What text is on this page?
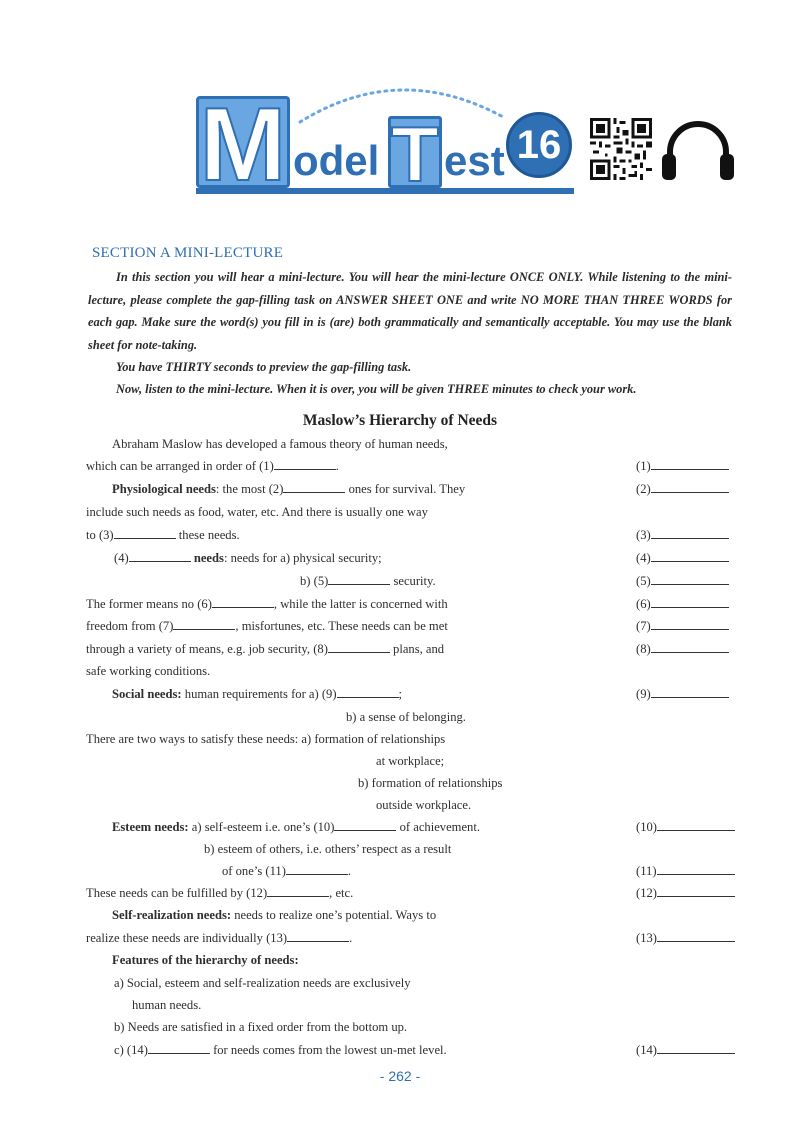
M odel T est 16
SECTION A MINI-LECTURE

In this section you will hear a mini-lecture. You will hear the mini-lecture ONCE ONLY. While listening to the mini-lecture, please complete the gap-filling task on ANSWER SHEET ONE and write NO MORE THAN THREE WORDS for each gap. Make sure the word(s) you fill in is (are) both grammatically and semantically acceptable. You may use the blank sheet for note-taking.

You have THIRTY seconds to preview the gap-filling task.

Now, listen to the mini-lecture. When it is over, you will be given THREE minutes to check your work.

Maslow’s Hierarchy of Needs
Abraham Maslow has developed a famous theory of human needs,
which can be arranged in order of (1)	.
Physiological needs: the most (2)	ones for survival. They
include such needs as food, water, etc. And there is usually one way
to (3)	these needs.
(4)	needs: needs for a) physical security;
b) (5)	security.
The former means no (6)	, while the latter is concerned with
freedom from (7)	, misfortunes, etc. These needs can be met
through a variety of means, e.g. job security, (8)	plans, and
safe working conditions.
Social needs: human requirements for a) (9)	;
b) a sense of belonging.
There are two ways to satisfy these needs: a) formation of relationships
at workplace;
b) formation of relationships
outside workplace.
Esteem needs: a) self-esteem i.e. one’s (10)	of achievement.
b) esteem of others, i.e. others’ respect as a result
of one’s (11)	.
These needs can be fulfilled by (12)	, etc.
Self-realization needs: needs to realize one’s potential. Ways to
realize these needs are individually (13)	.
Features of the hierarchy of needs:
a) Social, esteem and self-realization needs are exclusively
human needs.
b) Needs are satisfied in a fixed order from the bottom up.
c) (14)	for needs comes from the lowest un-met level.
(1)
(2)
(3)
(4)
(5)
(6)
(7)
(8)
(9)
(10)
(11)
(12)
(13)
(14)
- 262 -
